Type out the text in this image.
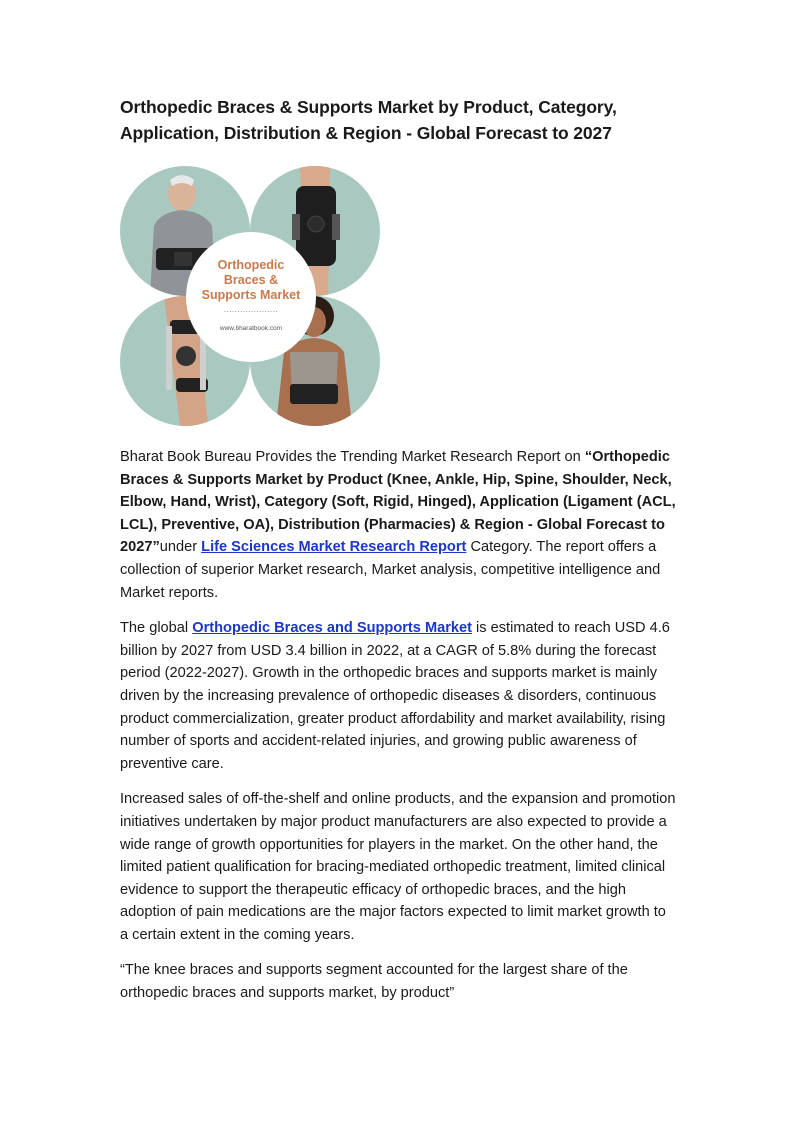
Orthopedic Braces & Supports Market by Product, Category, Application, Distribution & Region - Global Forecast to 2027
Orthopedic
Braces &
Supports Market
....................
www.bharatbook.com

Bharat Book Bureau Provides the Trending Market Research Report on “Orthopedic Braces & Supports Market by Product (Knee, Ankle, Hip, Spine, Shoulder, Neck, Elbow, Hand, Wrist), Category (Soft, Rigid, Hinged), Application (Ligament (ACL, LCL), Preventive, OA), Distribution (Pharmacies) & Region - Global Forecast to 2027”under Life Sciences Market Research Report Category. The report offers a collection of superior Market research, Market analysis, competitive intelligence and Market reports.

The global Orthopedic Braces and Supports Market is estimated to reach USD 4.6 billion by 2027 from USD 3.4 billion in 2022, at a CAGR of 5.8% during the forecast period (2022-2027). Growth in the orthopedic braces and supports market is mainly driven by the increasing prevalence of orthopedic diseases & disorders, continuous product commercialization, greater product affordability and market availability, rising number of sports and accident-related injuries, and growing public awareness of preventive care.

Increased sales of off-the-shelf and online products, and the expansion and promotion initiatives undertaken by major product manufacturers are also expected to provide a wide range of growth opportunities for players in the market. On the other hand, the limited patient qualification for bracing-mediated orthopedic treatment, limited clinical evidence to support the therapeutic efficacy of orthopedic braces, and the high adoption of pain medications are the major factors expected to limit market growth to a certain extent in the coming years.

“The knee braces and supports segment accounted for the largest share of the orthopedic braces and supports market, by product”
